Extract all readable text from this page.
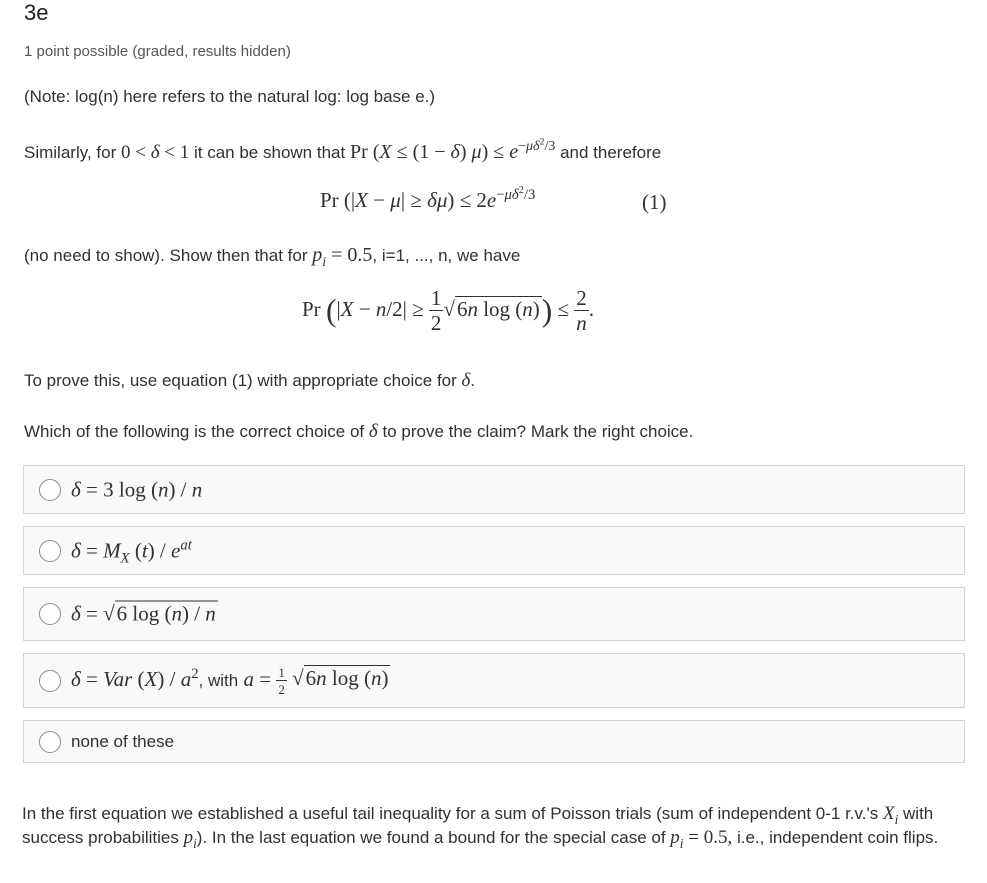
3e
1 point possible (graded, results hidden)
(Note: log(n) here refers to the natural log: log base e.)
Similarly, for 0 < δ < 1 it can be shown that Pr (X ≤ (1 − δ) $\mu) \le e^{-\mu\delta^2/3}$ and therefore
Pr $(|X - \mu| \ge \delta\mu) \le 2e^{-\mu\delta^2/3}$	(1)
(no need to show). Show then that for $p_i = 0.5$, i=1, ..., n, we have
Pr ($|X - n/2| \ge \frac{1}{2} √6n$ $\log (n)) \le \frac{2}{n}$ .
To prove this, use equation (1) with appropriate choice for δ.
Which of the following is the correct choice of δ to prove the claim? Mark the right choice.
δ = 3 log (n) / n
$\delta = M_X$ $(t) / e^{at}$
δ = √6 log (n) / n
δ = Var $(X) / a^2$, with $a = \frac{1}{2} √6n$ log (n)
none of these
In the first equation we established a useful tail inequality for a sum of Poisson trials (sum of independent 0-1 r.v.'s $X_i$ with success probabilities $p_i$). In the last equation we found a bound for the special case of $p_i = 0.5$, i.e., independent coin flips.
